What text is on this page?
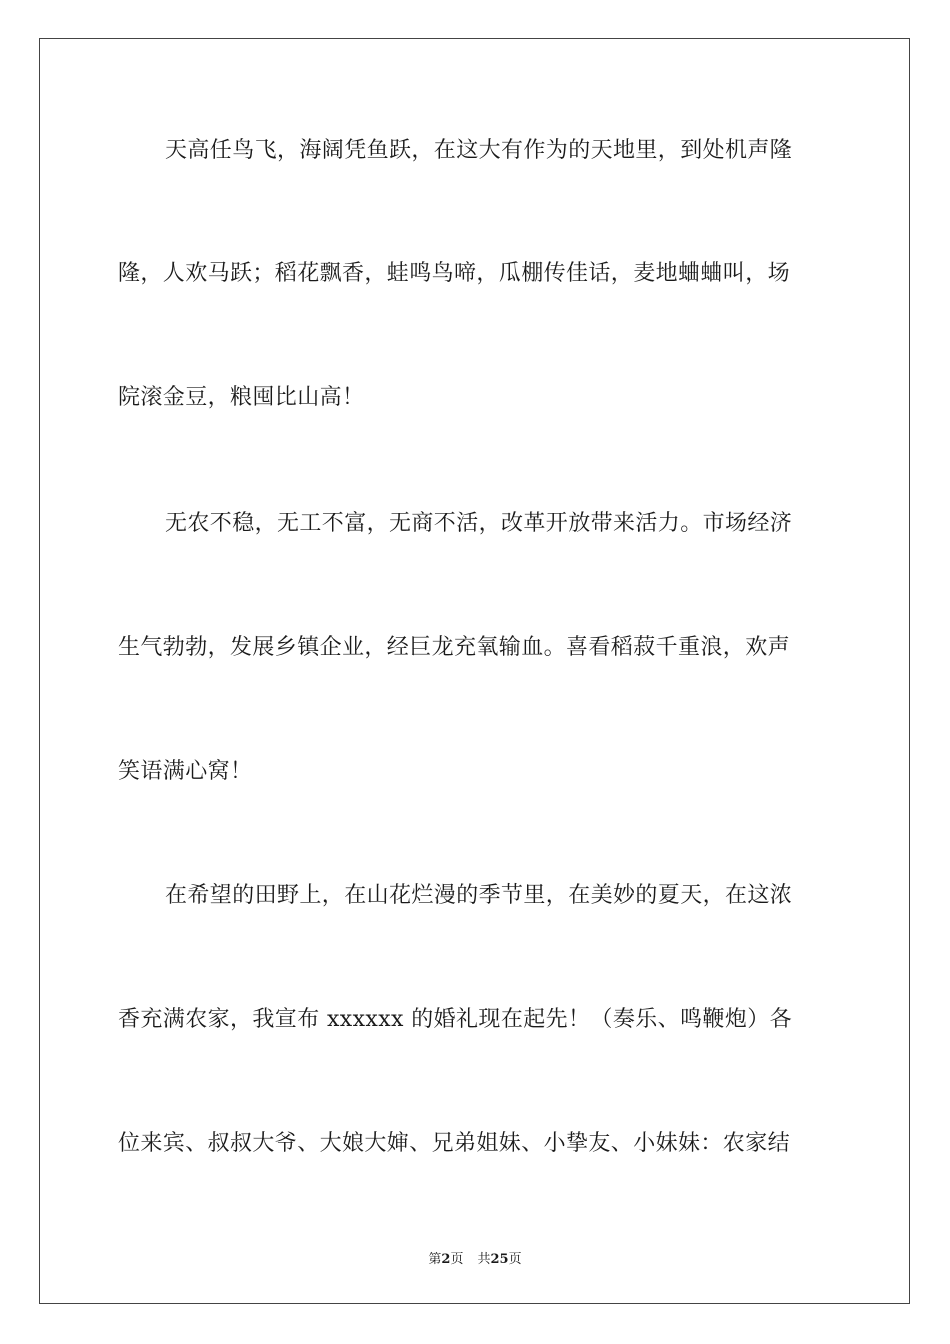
天高任鸟飞，海阔凭鱼跃，在这大有作为的天地里，到处机声隆
隆，人欢马跃；稻花飘香，蛙鸣鸟啼，瓜棚传佳话，麦地蛐蛐叫，场
院滚金豆，粮囤比山高！
无农不稳，无工不富，无商不活，改革开放带来活力。市场经济
生气勃勃，发展乡镇企业，经巨龙充氧输血。喜看稻菽千重浪，欢声
笑语满心窝！
在希望的田野上，在山花烂漫的季节里，在美妙的夏天，在这浓
香充满农家，我宣布 xxxxxx 的婚礼现在起先！（奏乐、鸣鞭炮）各
位来宾、叔叔大爷、大娘大婶、兄弟姐妹、小挚友、小妹妹：农家结
第2页 共25页
